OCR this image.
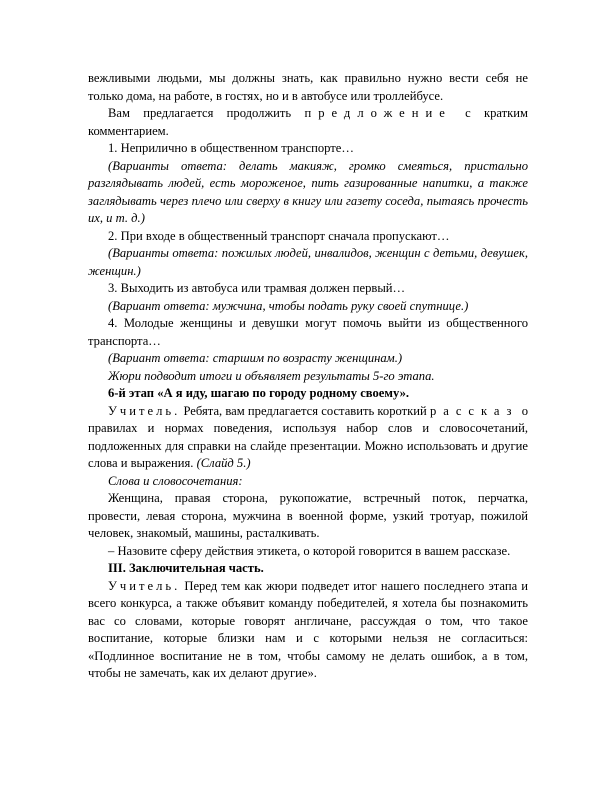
вежливыми людьми, мы должны знать, как правильно нужно вести себя не только дома, на работе, в гостях, но и в автобусе или троллейбусе.

Вам предлагается продолжить предложение с кратким комментарием.

1. Неприлично в общественном транспорте…

(Варианты ответа: делать макияж, громко смеяться, пристально разглядывать людей, есть мороженое, пить газированные напитки, а также заглядывать через плечо или сверху в книгу или газету соседа, пытаясь прочесть их, и т. д.)

2. При входе в общественный транспорт сначала пропускают…

(Варианты ответа: пожилых людей, инвалидов, женщин с детьми, девушек, женщин.)

3. Выходить из автобуса или трамвая должен первый…

(Вариант ответа: мужчина, чтобы подать руку своей спутнице.)

4. Молодые женщины и девушки могут помочь выйти из общественного транспорта…

(Вариант ответа: старшим по возрасту женщинам.)

Жюри подводит итоги и объявляет результаты 5-го этапа.

6-й этап «А я иду, шагаю по городу родному своему».

Учитель. Ребята, вам предлагается составить короткий рассказ о правилах и нормах поведения, используя набор слов и словосочетаний, подложенных для справки на слайде презентации. Можно использовать и другие слова и выражения. (Слайд 5.)

Слова и словосочетания:

Женщина, правая сторона, рукопожатие, встречный поток, перчатка, провести, левая сторона, мужчина в военной форме, узкий тротуар, пожилой человек, знакомый, машины, расталкивать.

– Назовите сферу действия этикета, о которой говорится в вашем рассказе.

III. Заключительная часть.

Учитель. Перед тем как жюри подведет итог нашего последнего этапа и всего конкурса, а также объявит команду победителей, я хотела бы познакомить вас со словами, которые говорят англичане, рассуждая о том, что такое воспитание, которые близки нам и с которыми нельзя не согласиться: «Подлинное воспитание не в том, чтобы самому не делать ошибок, а в том, чтобы не замечать, как их делают другие».
